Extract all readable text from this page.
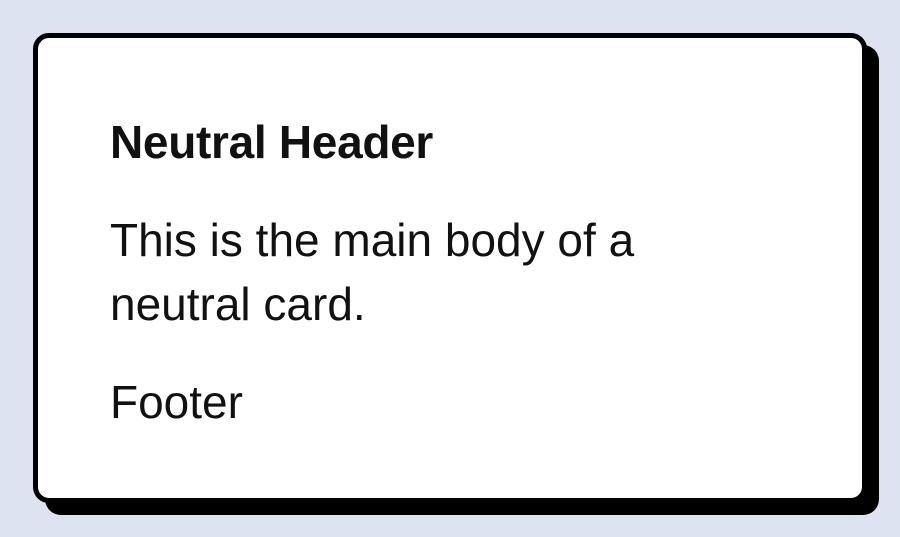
Neutral Header

This is the main body of a neutral card.

Footer
